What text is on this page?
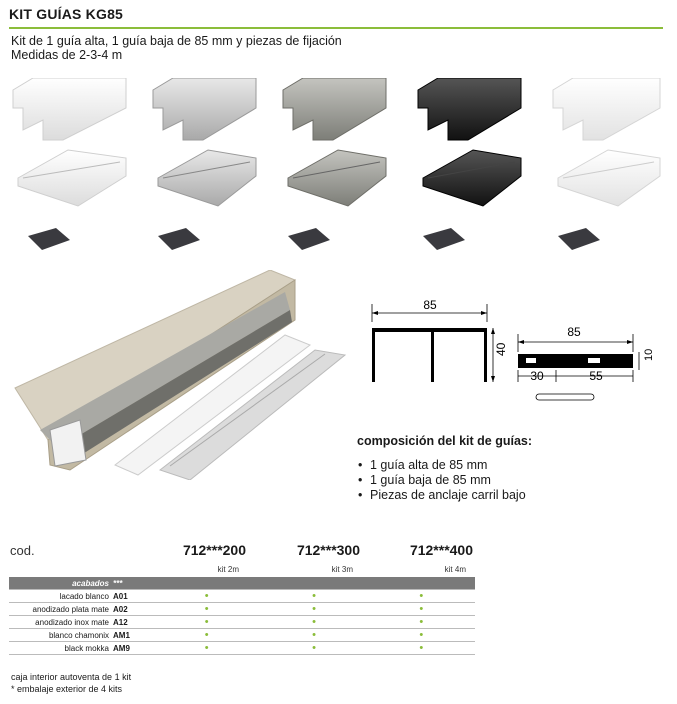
KIT GUÍAS KG85
Kit de 1 guía alta, 1 guía baja de 85 mm y piezas de fijación
Medidas de 2-3-4 m
85
40
85
10
30	55
composición del kit de guías:
• 1 guía alta de 85 mm
• 1 guía baja de 85 mm
• Piezas de anclaje carril bajo
cod.	712***200	712***300	712***400
kit 2m	kit 3m	kit 4m
acabados	***			
lacado blanco	A01	•	•	•
anodizado plata mate	A02	•	•	•
anodizado inox mate	A12	•	•	•
blanco chamonix	AM1	•	•	•
black mokka	AM9	•	•	•
caja interior autoventa de 1 kit
* embalaje exterior de 4 kits
